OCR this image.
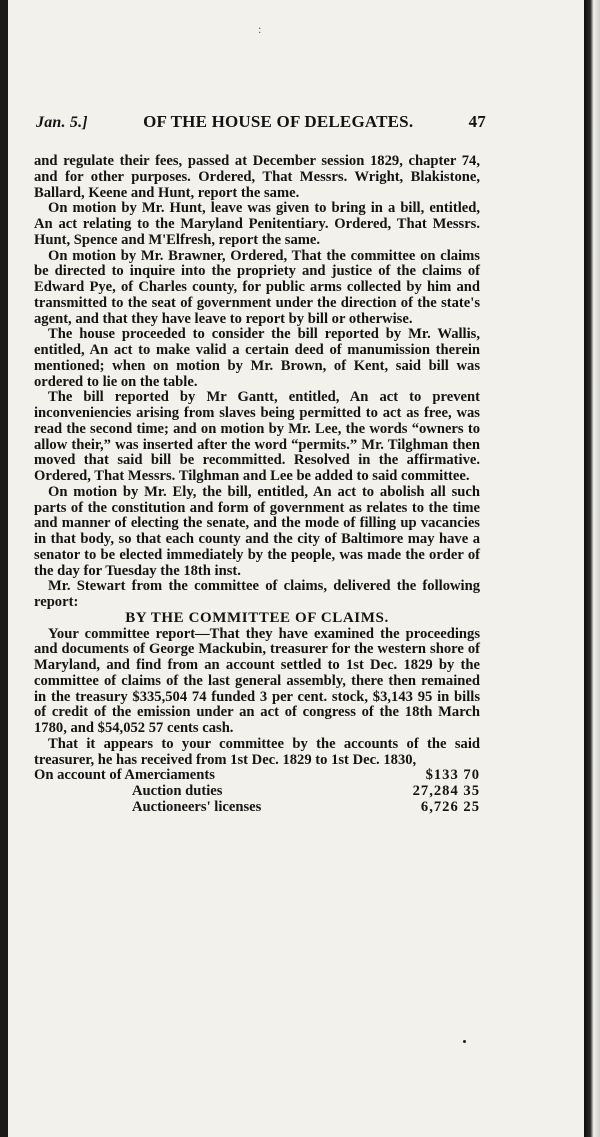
:
Jan. 5.]	OF THE HOUSE OF DELEGATES.	47

and regulate their fees, passed at December session 1829, chapter 74, and for other purposes. Ordered, That Messrs. Wright, Blakistone, Ballard, Keene and Hunt, report the same.

On motion by Mr. Hunt, leave was given to bring in a bill, entitled, An act relating to the Maryland Penitentiary. Ordered, That Messrs. Hunt, Spence and M'Elfresh, report the same.

On motion by Mr. Brawner, Ordered, That the committee on claims be directed to inquire into the propriety and justice of the claims of Edward Pye, of Charles county, for public arms collected by him and transmitted to the seat of government under the direction of the state's agent, and that they have leave to report by bill or otherwise.

The house proceeded to consider the bill reported by Mr. Wallis, entitled, An act to make valid a certain deed of manumission therein mentioned; when on motion by Mr. Brown, of Kent, said bill was ordered to lie on the table.

The bill reported by Mr Gantt, entitled, An act to prevent inconveniencies arising from slaves being permitted to act as free, was read the second time; and on motion by Mr. Lee, the words “owners to allow their,” was inserted after the word “permits.” Mr. Tilghman then moved that said bill be recommitted. Resolved in the affirmative. Ordered, That Messrs. Tilghman and Lee be added to said committee.

On motion by Mr. Ely, the bill, entitled, An act to abolish all such parts of the constitution and form of government as relates to the time and manner of electing the senate, and the mode of filling up vacancies in that body, so that each county and the city of Baltimore may have a senator to be elected immediately by the people, was made the order of the day for Tuesday the 18th inst.

Mr. Stewart from the committee of claims, delivered the following report:

BY THE COMMITTEE OF CLAIMS.

Your committee report—That they have examined the proceedings and documents of George Mackubin, treasurer for the western shore of Maryland, and find from an account settled to 1st Dec. 1829 by the committee of claims of the last general assembly, there then remained in the treasury $335,504 74 funded 3 per cent. stock, $3,143 95 in bills of credit of the emission under an act of congress of the 18th March 1780, and $54,052 57 cents cash.

That it appears to your committee by the accounts of the said treasurer, he has received from 1st Dec. 1829 to 1st Dec. 1830,

On account of Amerciaments	$133 70
Auction duties	27,284 35
Auctioneers' licenses	6,726 25
